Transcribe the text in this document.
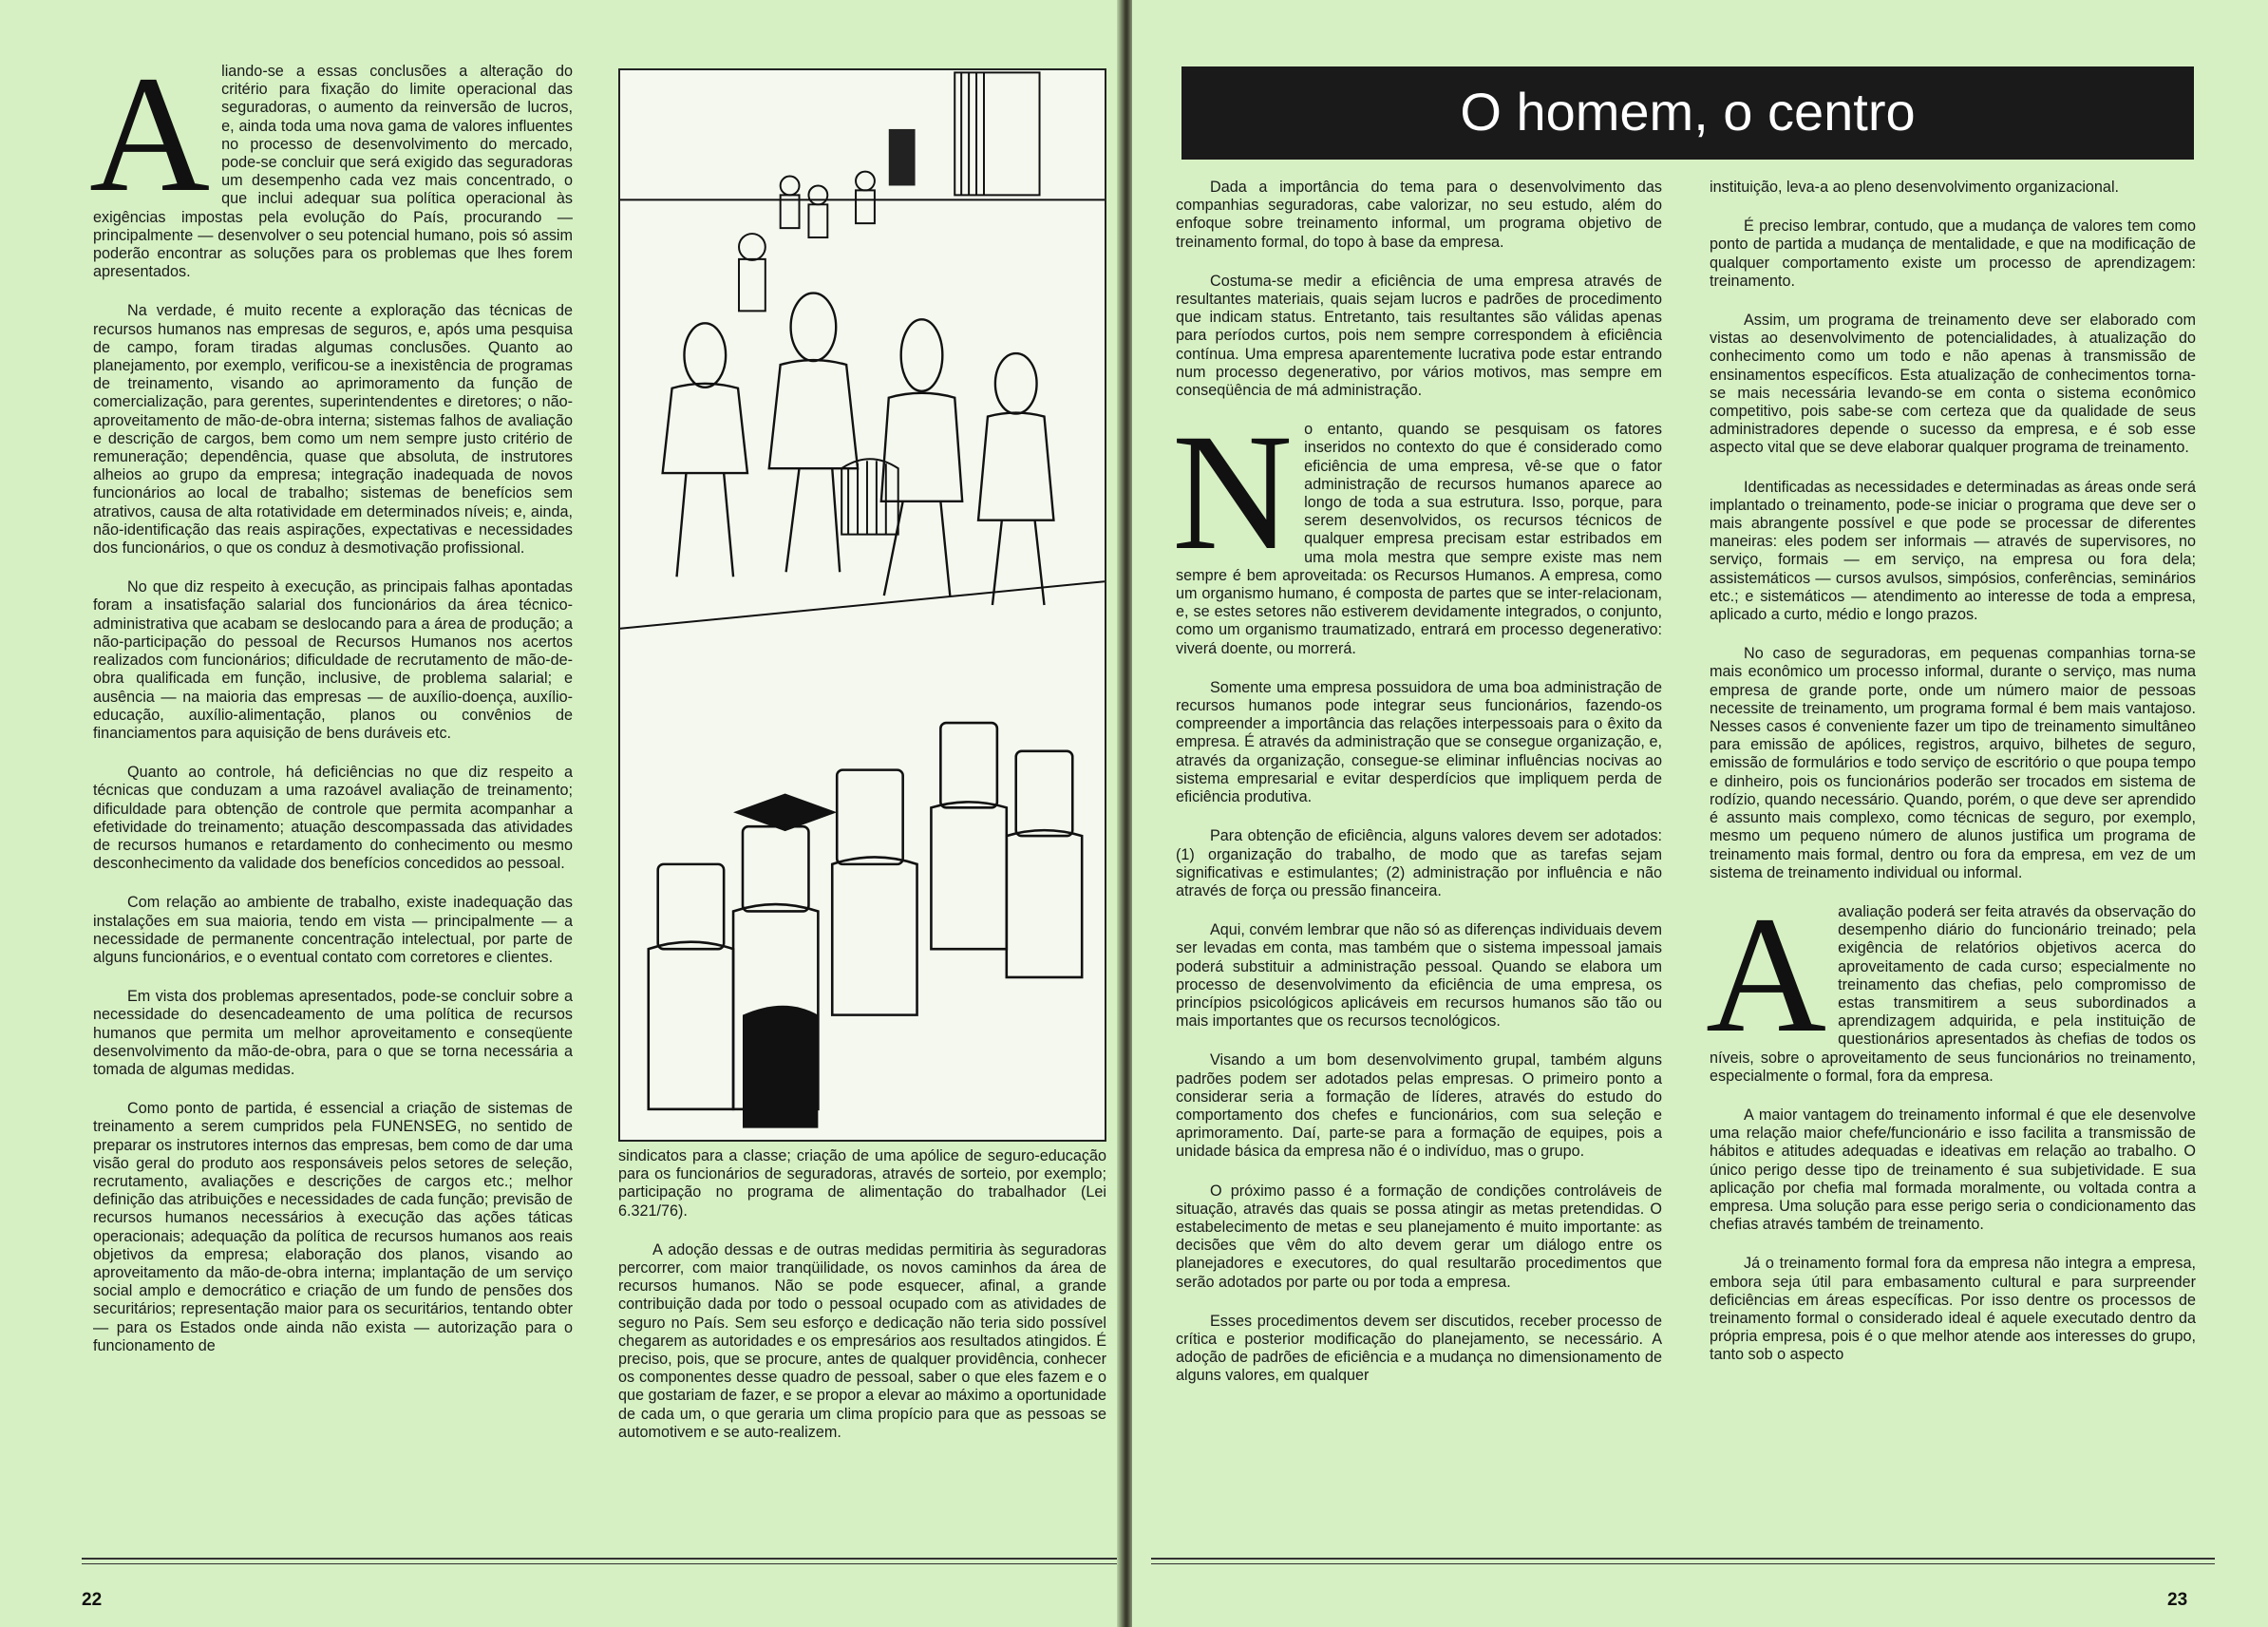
Aliando-se a essas conclusões a alteração do critério para fixação do limite operacional das seguradoras, o aumento da reinversão de lucros, e, ainda toda uma nova gama de valores influentes no processo de desenvolvimento do mercado, pode-se concluir que será exigido das seguradoras um desempenho cada vez mais concentrado, o que inclui adequar sua política operacional às exigências impostas pela evolução do País, procurando — principalmente — desenvolver o seu potencial humano, pois só assim poderão encontrar as soluções para os problemas que lhes forem apresentados.

Na verdade, é muito recente a exploração das técnicas de recursos humanos nas empresas de seguros, e, após uma pesquisa de campo, foram tiradas algumas conclusões. Quanto ao planejamento, por exemplo, verificou-se a inexistência de programas de treinamento, visando ao aprimoramento da função de comercialização, para gerentes, superintendentes e diretores; o não-aproveitamento de mão-de-obra interna; sistemas falhos de avaliação e descrição de cargos, bem como um nem sempre justo critério de remuneração; dependência, quase que absoluta, de instrutores alheios ao grupo da empresa; integração inadequada de novos funcionários ao local de trabalho; sistemas de benefícios sem atrativos, causa de alta rotatividade em determinados níveis; e, ainda, não-identificação das reais aspirações, expectativas e necessidades dos funcionários, o que os conduz à desmotivação profissional.

No que diz respeito à execução, as principais falhas apontadas foram a insatisfação salarial dos funcionários da área técnico-administrativa que acabam se deslocando para a área de produção; a não-participação do pessoal de Recursos Humanos nos acertos realizados com funcionários; dificuldade de recrutamento de mão-de-obra qualificada em função, inclusive, de problema salarial; e ausência — na maioria das empresas — de auxílio-doença, auxílio-educação, auxílio-alimentação, planos ou convênios de financiamentos para aquisição de bens duráveis etc.

Quanto ao controle, há deficiências no que diz respeito a técnicas que conduzam a uma razoável avaliação de treinamento; dificuldade para obtenção de controle que permita acompanhar a efetividade do treinamento; atuação descompassada das atividades de recursos humanos e retardamento do conhecimento ou mesmo desconhecimento da validade dos benefícios concedidos ao pessoal.

Com relação ao ambiente de trabalho, existe inadequação das instalações em sua maioria, tendo em vista — principalmente — a necessidade de permanente concentração intelectual, por parte de alguns funcionários, e o eventual contato com corretores e clientes.

Em vista dos problemas apresentados, pode-se concluir sobre a necessidade do desencadeamento de uma política de recursos humanos que permita um melhor aproveitamento e conseqüente desenvolvimento da mão-de-obra, para o que se torna necessária a tomada de algumas medidas.

Como ponto de partida, é essencial a criação de sistemas de treinamento a serem cumpridos pela FUNENSEG, no sentido de preparar os instrutores internos das empresas, bem como de dar uma visão geral do produto aos responsáveis pelos setores de seleção, recrutamento, avaliações e descrições de cargos etc.; melhor definição das atribuições e necessidades de cada função; previsão de recursos humanos necessários à execução das ações táticas operacionais; adequação da política de recursos humanos aos reais objetivos da empresa; elaboração dos planos, visando ao aproveitamento da mão-de-obra interna; implantação de um serviço social amplo e democrático e criação de um fundo de pensões dos securitários; representação maior para os securitários, tentando obter — para os Estados onde ainda não exista — autorização para o funcionamento de

sindicatos para a classe; criação de uma apólice de seguro-educação para os funcionários de seguradoras, através de sorteio, por exemplo; participação no programa de alimentação do trabalhador (Lei 6.321/76).

A adoção dessas e de outras medidas permitiria às seguradoras percorrer, com maior tranqüilidade, os novos caminhos da área de recursos humanos. Não se pode esquecer, afinal, a grande contribuição dada por todo o pessoal ocupado com as atividades de seguro no País. Sem seu esforço e dedicação não teria sido possível chegarem as autoridades e os empresários aos resultados atingidos. É preciso, pois, que se procure, antes de qualquer providência, conhecer os componentes desse quadro de pessoal, saber o que eles fazem e o que gostariam de fazer, e se propor a elevar ao máximo a oportunidade de cada um, o que geraria um clima propício para que as pessoas se automotivem e se auto-realizem.

22
O homem, o centro

Dada a importância do tema para o desenvolvimento das companhias seguradoras, cabe valorizar, no seu estudo, além do enfoque sobre treinamento informal, um programa objetivo de treinamento formal, do topo à base da empresa.

Costuma-se medir a eficiência de uma empresa através de resultantes materiais, quais sejam lucros e padrões de procedimento que indicam status. Entretanto, tais resultantes são válidas apenas para períodos curtos, pois nem sempre correspondem à eficiência contínua. Uma empresa aparentemente lucrativa pode estar entrando num processo degenerativo, por vários motivos, mas sempre em conseqüência de má administração.

No entanto, quando se pesquisam os fatores inseridos no contexto do que é considerado como eficiência de uma empresa, vê-se que o fator administração de recursos humanos aparece ao longo de toda a sua estrutura. Isso, porque, para serem desenvolvidos, os recursos técnicos de qualquer empresa precisam estar estribados em uma mola mestra que sempre existe mas nem sempre é bem aproveitada: os Recursos Humanos. A empresa, como um organismo humano, é composta de partes que se inter-relacionam, e, se estes setores não estiverem devidamente integrados, o conjunto, como um organismo traumatizado, entrará em processo degenerativo: viverá doente, ou morrerá.

Somente uma empresa possuidora de uma boa administração de recursos humanos pode integrar seus funcionários, fazendo-os compreender a importância das relações interpessoais para o êxito da empresa. É através da administração que se consegue organização, e, através da organização, consegue-se eliminar influências nocivas ao sistema empresarial e evitar desperdícios que impliquem perda de eficiência produtiva.

Para obtenção de eficiência, alguns valores devem ser adotados: (1) organização do trabalho, de modo que as tarefas sejam significativas e estimulantes; (2) administração por influência e não através de força ou pressão financeira.

Aqui, convém lembrar que não só as diferenças individuais devem ser levadas em conta, mas também que o sistema impessoal jamais poderá substituir a administração pessoal. Quando se elabora um processo de desenvolvimento da eficiência de uma empresa, os princípios psicológicos aplicáveis em recursos humanos são tão ou mais importantes que os recursos tecnológicos.

Visando a um bom desenvolvimento grupal, também alguns padrões podem ser adotados pelas empresas. O primeiro ponto a considerar seria a formação de líderes, através do estudo do comportamento dos chefes e funcionários, com sua seleção e aprimoramento. Daí, parte-se para a formação de equipes, pois a unidade básica da empresa não é o indivíduo, mas o grupo.

O próximo passo é a formação de condições controláveis de situação, através das quais se possa atingir as metas pretendidas. O estabelecimento de metas e seu planejamento é muito importante: as decisões que vêm do alto devem gerar um diálogo entre os planejadores e executores, do qual resultarão procedimentos que serão adotados por parte ou por toda a empresa.

Esses procedimentos devem ser discutidos, receber processo de crítica e posterior modificação do planejamento, se necessário. A adoção de padrões de eficiência e a mudança no dimensionamento de alguns valores, em qualquer

instituição, leva-a ao pleno desenvolvimento organizacional.

É preciso lembrar, contudo, que a mudança de valores tem como ponto de partida a mudança de mentalidade, e que na modificação de qualquer comportamento existe um processo de aprendizagem: treinamento.

Assim, um programa de treinamento deve ser elaborado com vistas ao desenvolvimento de potencialidades, à atualização do conhecimento como um todo e não apenas à transmissão de ensinamentos específicos. Esta atualização de conhecimentos torna-se mais necessária levando-se em conta o sistema econômico competitivo, pois sabe-se com certeza que da qualidade de seus administradores depende o sucesso da empresa, e é sob esse aspecto vital que se deve elaborar qualquer programa de treinamento.

Identificadas as necessidades e determinadas as áreas onde será implantado o treinamento, pode-se iniciar o programa que deve ser o mais abrangente possível e que pode se processar de diferentes maneiras: eles podem ser informais — através de supervisores, no serviço, formais — em serviço, na empresa ou fora dela; assistemáticos — cursos avulsos, simpósios, conferências, seminários etc.; e sistemáticos — atendimento ao interesse de toda a empresa, aplicado a curto, médio e longo prazos.

No caso de seguradoras, em pequenas companhias torna-se mais econômico um processo informal, durante o serviço, mas numa empresa de grande porte, onde um número maior de pessoas necessite de treinamento, um programa formal é bem mais vantajoso. Nesses casos é conveniente fazer um tipo de treinamento simultâneo para emissão de apólices, registros, arquivo, bilhetes de seguro, emissão de formulários e todo serviço de escritório o que poupa tempo e dinheiro, pois os funcionários poderão ser trocados em sistema de rodízio, quando necessário. Quando, porém, o que deve ser aprendido é assunto mais complexo, como técnicas de seguro, por exemplo, mesmo um pequeno número de alunos justifica um programa de treinamento mais formal, dentro ou fora da empresa, em vez de um sistema de treinamento individual ou informal.

Aavaliação poderá ser feita através da observação do desempenho diário do funcionário treinado; pela exigência de relatórios objetivos acerca do aproveitamento de cada curso; especialmente no treinamento das chefias, pelo compromisso de estas transmitirem a seus subordinados a aprendizagem adquirida, e pela instituição de questionários apresentados às chefias de todos os níveis, sobre o aproveitamento de seus funcionários no treinamento, especialmente o formal, fora da empresa.

A maior vantagem do treinamento informal é que ele desenvolve uma relação maior chefe/funcionário e isso facilita a transmissão de hábitos e atitudes adequadas e ideativas em relação ao trabalho. O único perigo desse tipo de treinamento é sua subjetividade. E sua aplicação por chefia mal formada moralmente, ou voltada contra a empresa. Uma solução para esse perigo seria o condicionamento das chefias através também de treinamento.

Já o treinamento formal fora da empresa não integra a empresa, embora seja útil para embasamento cultural e para surpreender deficiências em áreas específicas. Por isso dentre os processos de treinamento formal o considerado ideal é aquele executado dentro da própria empresa, pois é o que melhor atende aos interesses do grupo, tanto sob o aspecto

23
